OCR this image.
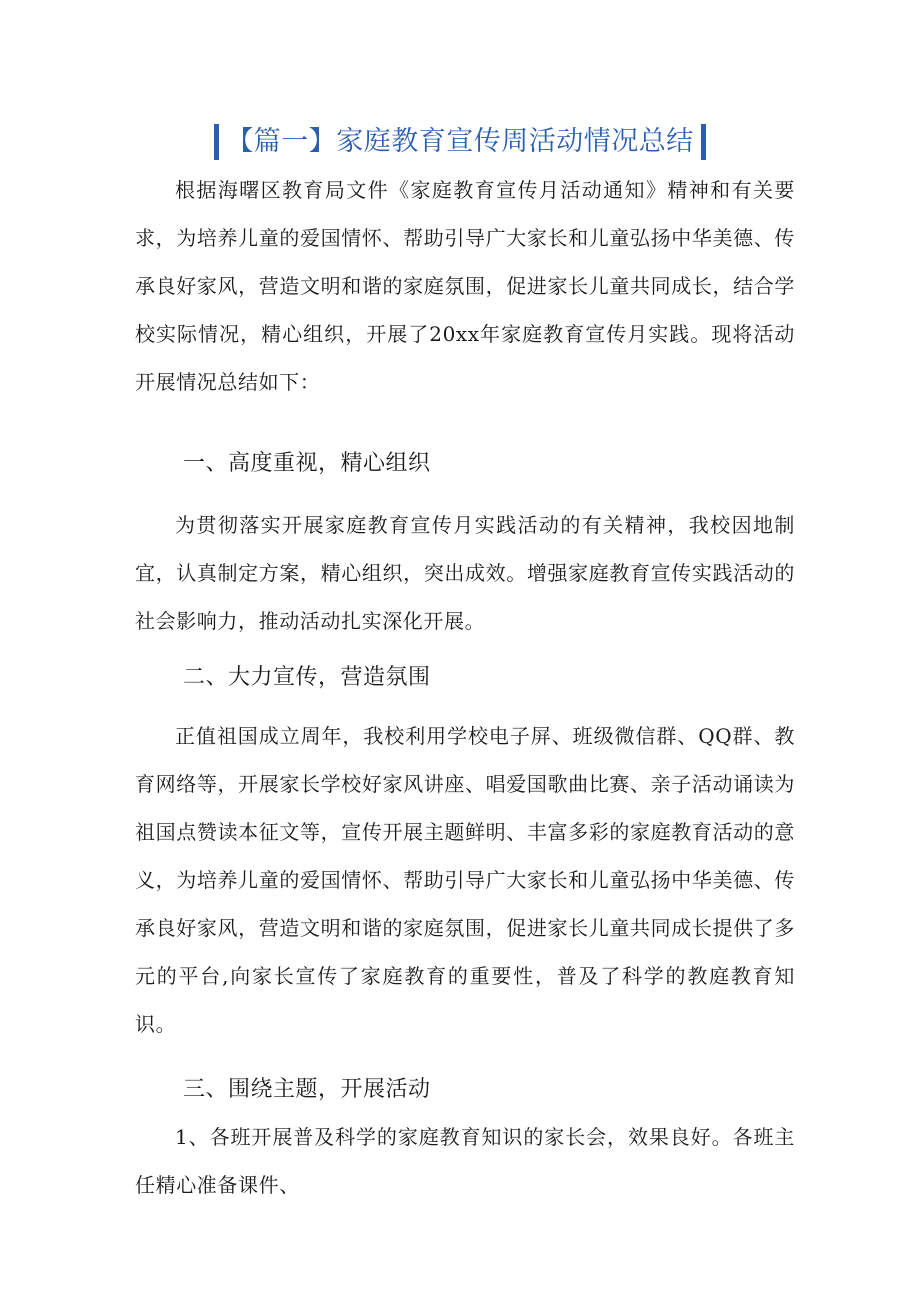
【篇一】家庭教育宣传周活动情况总结

根据海曙区教育局文件《家庭教育宣传月活动通知》精神和有关要求，为培养儿童的爱国情怀、帮助引导广大家长和儿童弘扬中华美德、传承良好家风，营造文明和谐的家庭氛围，促进家长儿童共同成长，结合学校实际情况，精心组织，开展了20xx年家庭教育宣传月实践。现将活动开展情况总结如下：

一、高度重视，精心组织

为贯彻落实开展家庭教育宣传月实践活动的有关精神，我校因地制宜，认真制定方案，精心组织，突出成效。增强家庭教育宣传实践活动的社会影响力，推动活动扎实深化开展。

二、大力宣传，营造氛围

正值祖国成立周年，我校利用学校电子屏、班级微信群、QQ群、教育网络等，开展家长学校好家风讲座、唱爱国歌曲比赛、亲子活动诵读为祖国点赞读本征文等，宣传开展主题鲜明、丰富多彩的家庭教育活动的意义，为培养儿童的爱国情怀、帮助引导广大家长和儿童弘扬中华美德、传承良好家风，营造文明和谐的家庭氛围，促进家长儿童共同成长提供了多元的平台,向家长宣传了家庭教育的重要性，普及了科学的教庭教育知识。

三、围绕主题，开展活动

1、各班开展普及科学的家庭教育知识的家长会，效果良好。各班主任精心准备课件、
